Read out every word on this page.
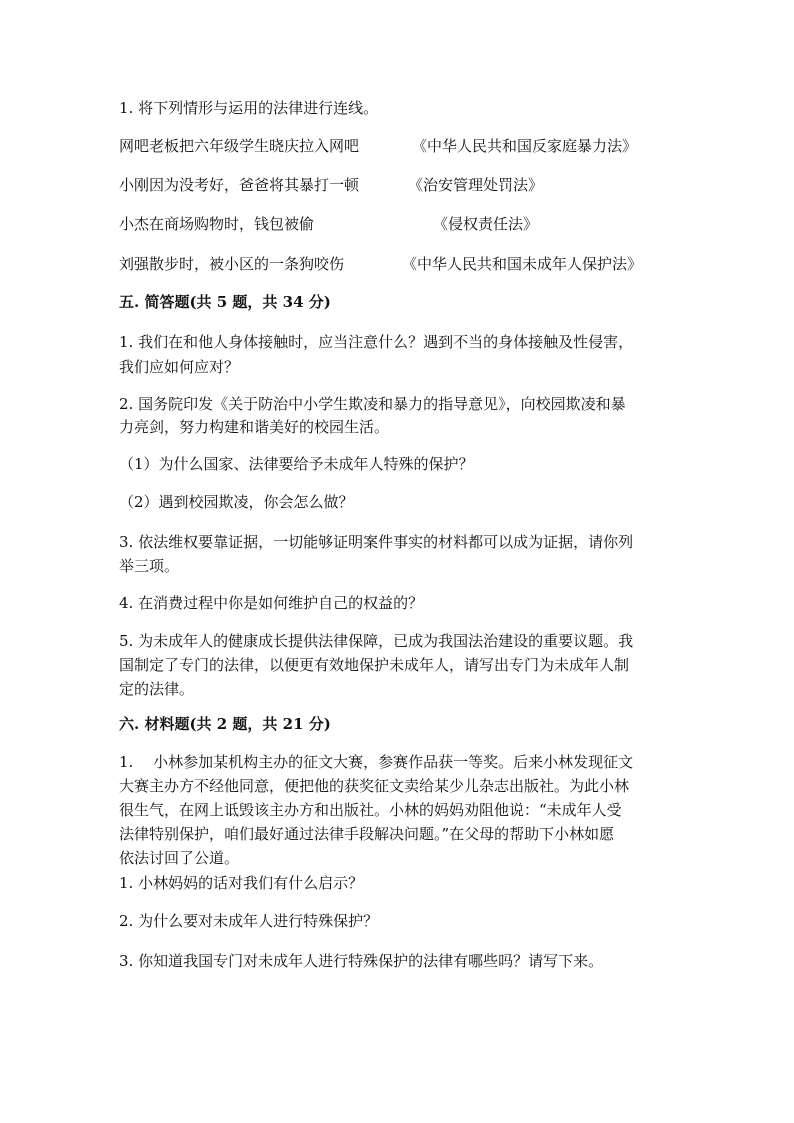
1. 将下列情形与运用的法律进行连线。
网吧老板把六年级学生晓庆拉入网吧	《中华人民共和国反家庭暴力法》
小刚因为没考好，爸爸将其暴打一顿	《治安管理处罚法》
小杰在商场购物时，钱包被偷	《侵权责任法》
刘强散步时，被小区的一条狗咬伤	《中华人民共和国未成年人保护法》
五. 简答题(共 5 题，共 34 分)
1. 我们在和他人身体接触时，应当注意什么？遇到不当的身体接触及性侵害，
我们应如何应对？
2. 国务院印发《关于防治中小学生欺凌和暴力的指导意见》，向校园欺凌和暴
力亮剑，努力构建和谐美好的校园生活。
（1）为什么国家、法律要给予未成年人特殊的保护？
（2）遇到校园欺凌，你会怎么做？
3. 依法维权要靠证据，一切能够证明案件事实的材料都可以成为证据，请你列
举三项。
4. 在消费过程中你是如何维护自己的权益的？
5. 为未成年人的健康成长提供法律保障，已成为我国法治建设的重要议题。我
国制定了专门的法律，以便更有效地保护未成年人，请写出专门为未成年人制
定的法律。
六. 材料题(共 2 题，共 21 分)
1.　 小林参加某机构主办的征文大赛，参赛作品获一等奖。后来小林发现征文
大赛主办方不经他同意，便把他的获奖征文卖给某少儿杂志出版社。为此小林
很生气，在网上诋毁该主办方和出版社。小林的妈妈劝阻他说：“未成年人受
法律特别保护，咱们最好通过法律手段解决问题。”在父母的帮助下小林如愿
依法讨回了公道。
1. 小林妈妈的话对我们有什么启示？
2. 为什么要对未成年人进行特殊保护？
3. 你知道我国专门对未成年人进行特殊保护的法律有哪些吗？请写下来。
